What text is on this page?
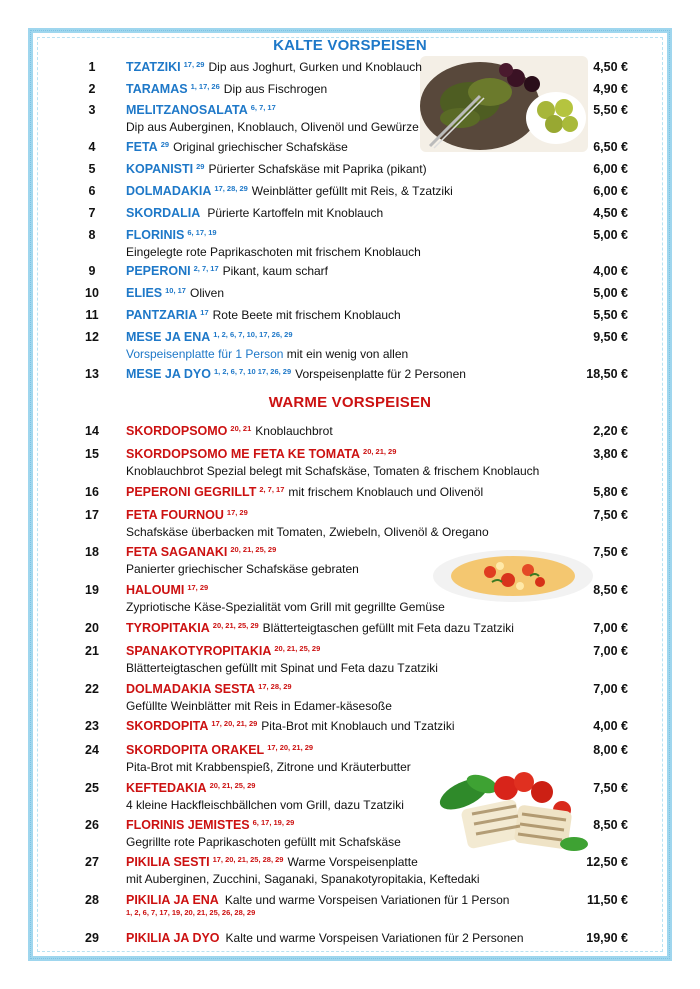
KALTE VORSPEISEN
WARME VORSPEISEN
1	TZATZIKI $^{17, 29}$ Dip aus Joghurt, Gurken und Knoblauch	4,50 €
2	TARAMAS $^{1, 17, 26}$ Dip aus Fischrogen	4,90 €
3	MELITZANOSALATA $^{6, 7, 17}$
Dip aus Auberginen, Knoblauch, Olivenöl und Gewürze
5,50 €
4	FETA $^{29}$ Original griechischer Schafskäse	6,50 €
5	KOPANISTI $^{29}$ Pürierter Schafskäse mit Paprika (pikant)	6,00 €
6	DOLMADAKIA $^{17, 28, 29}$ Weinblätter gefüllt mit Reis, & Tzatziki	6,00 €
7	SKORDALIA Pürierte Kartoffeln mit Knoblauch	4,50 €
8	FLORINIS $^{6, 17, 19}$
Eingelegte rote Paprikaschoten mit frischem Knoblauch
5,00 €
9	PEPERONI $^{2, 7, 17}$ Pikant, kaum scharf	4,00 €
10	ELIES $^{10, 17}$ Oliven	5,00 €
11	PANTZARIA $^{17}$ Rote Beete mit frischem Knoblauch	5,50 €
12	MESE JA ENA $^{1, 2, 6, 7, 10, 17, 26, 29}$
Vorspeisenplatte für 1 Person mit ein wenig von allen
9,50 €
13	MESE JA DYO $^{1, 2, 6, 7, 10 17, 26, 29}$ Vorspeisenplatte für 2 Personen	18,50 €
14	SKORDOPSOMO $^{20, 21}$ Knoblauchbrot	2,20 €
15	SKORDOPSOMO ME FETA KE TOMATA $^{20, 21, 29}$
Knoblauchbrot Spezial belegt mit Schafskäse, Tomaten & frischem Knoblauch
3,80 €
16	PEPERONI GEGRILLT $^{2, 7, 17}$ mit frischem Knoblauch und Olivenöl	5,80 €
17	FETA FOURNOU $^{17, 29}$
Schafskäse überbacken mit Tomaten, Zwiebeln, Olivenöl & Oregano
7,50 €
18	FETA SAGANAKI $^{20, 21, 25, 29}$
Panierter griechischer Schafskäse gebraten
7,50 €
19	HALOUMI $^{17, 29}$
Zypriotische Käse-Spezialität vom Grill mit gegrillte Gemüse
8,50 €
20	TYROPITAKIA $^{20, 21, 25, 29}$ Blätterteigtaschen gefüllt mit Feta dazu Tzatziki	7,00 €
21	SPANAKOTYROPITAKIA $^{20, 21, 25, 29}$
Blätterteigtaschen gefüllt mit Spinat und Feta dazu Tzatziki
7,00 €
22	DOLMADAKIA SESTA $^{17, 28, 29}$
Gefüllte Weinblätter mit Reis in Edamer-käsesoße
7,00 €
23	SKORDOPITA $^{17, 20, 21, 29}$ Pita-Brot mit Knoblauch und Tzatziki	4,00 €
24	SKORDOPITA ORAKEL $^{17, 20, 21, 29}$
Pita-Brot mit Krabbenspieß, Zitrone und Kräuterbutter
8,00 €
25	KEFTEDAKIA $^{20, 21, 25, 29}$
4 kleine Hackfleischbällchen vom Grill, dazu Tzatziki
7,50 €
26	FLORINIS JEMISTES $^{6, 17, 19, 29}$
Gegrillte rote Paprikaschoten gefüllt mit Schafskäse
8,50 €
27	PIKILIA SESTI $^{17, 20, 21, 25, 28, 29}$ Warme Vorspeisenplatte
mit Auberginen, Zucchini, Saganaki, Spanakotyropitakia, Keftedaki
12,50 €
28	PIKILIA JA ENA Kalte und warme Vorspeisen Variationen für 1 Person
1, 2, 6, 7, 17, 19, 20, 21, 25, 26, 28, 29
11,50 €
29	PIKILIA JA DYO Kalte und warme Vorspeisen Variationen für 2 Personen	19,90 €
